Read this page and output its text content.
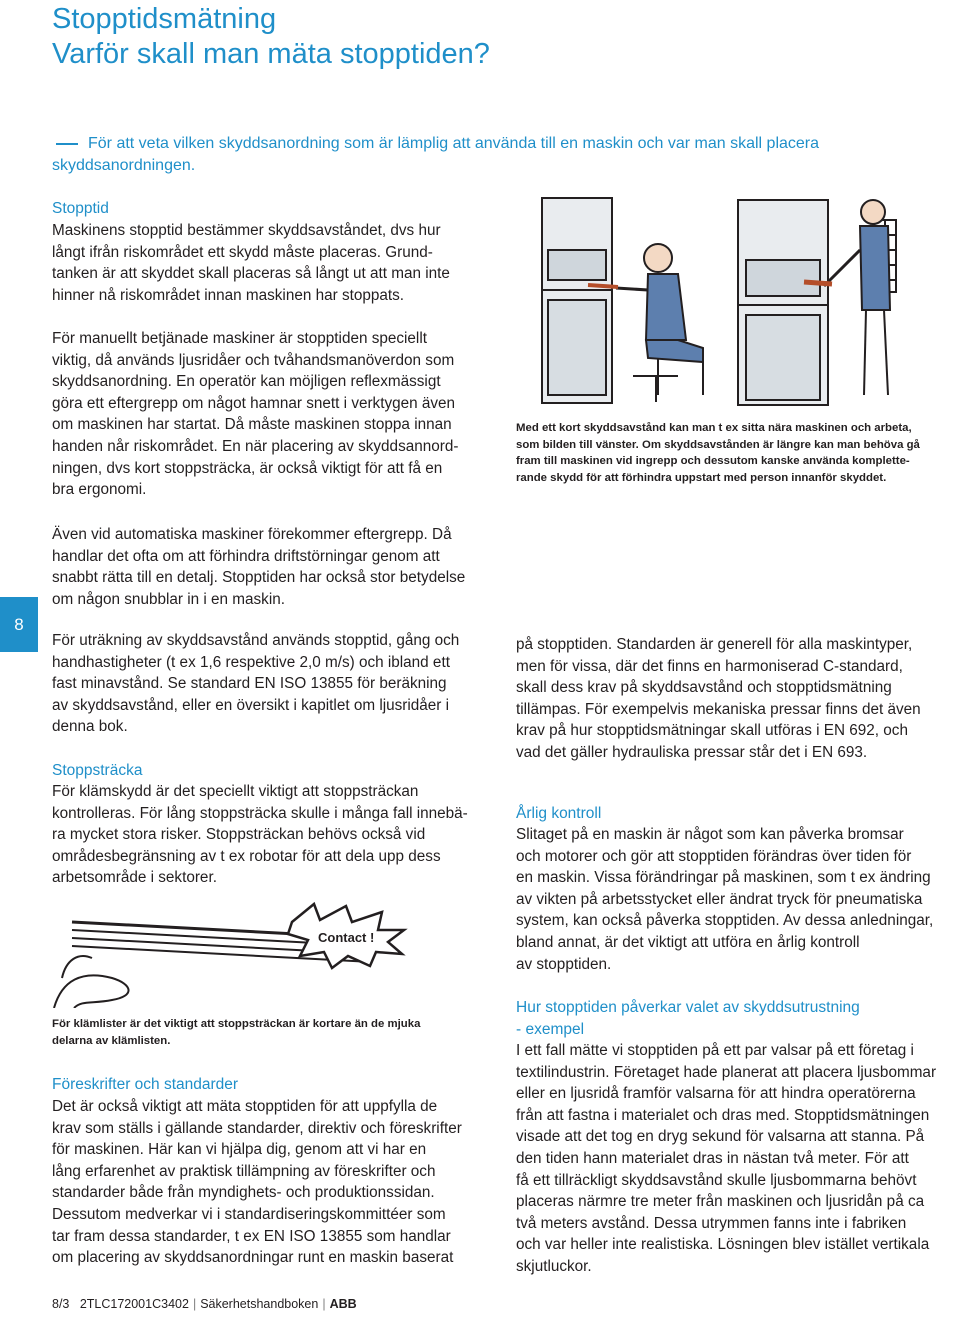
Stopptidsmätning
Varför skall man mäta stopptiden?
För att veta vilken skyddsanordning som är lämplig att använda till en maskin och var man skall placera skyddsanordningen.
Stopptid
Maskinens stopptid bestämmer skyddsavståndet, dvs hur
långt ifrån riskområdet ett skydd måste placeras. Grund-
tanken är att skyddet skall placeras så långt ut att man inte
hinner nå riskområdet innan maskinen har stoppats.
För manuellt betjänade maskiner är stopptiden speciellt
viktig, då används ljusridåer och tvåhandsmanöverdon som
skyddsanordning. En operatör kan möjligen reflexmässigt
göra ett eftergrepp om något hamnar snett i verktygen även
om maskinen har startat. Då måste maskinen stoppa innan
handen når riskområdet. En när placering av skyddsannord-
ningen, dvs kort stoppsträcka, är också viktigt för att få en
bra ergonomi.
Med ett kort skyddsavstånd kan man t ex sitta nära maskinen och arbeta,
som bilden till vänster. Om skyddsavstånden är längre kan man behöva gå
fram till maskinen vid ingrepp och dessutom kanske använda komplette-
rande skydd för att förhindra uppstart med person innanför skyddet.
Även vid automatiska maskiner förekommer eftergrepp. Då
handlar det ofta om att förhindra driftstörningar genom att
snabbt rätta till en detalj. Stopptiden har också stor betydelse
om någon snubblar in i en maskin.
8
För uträkning av skyddsavstånd används stopptid, gång och
handhastigheter (t ex 1,6 respektive 2,0 m/s) och ibland ett
fast minavstånd. Se standard EN ISO 13855 för beräkning
av skyddsavstånd, eller en översikt i kapitlet om ljusridåer i
denna bok.
Stoppsträcka
För klämskydd är det speciellt viktigt att stoppsträckan
kontrolleras. För lång stoppsträcka skulle i många fall innebä-
ra mycket stora risker. Stoppsträckan behövs också vid
områdesbegränsning av t ex robotar för att dela upp dess
arbetsområde i sektorer.
Contact !
För klämlister är det viktigt att stoppsträckan är kortare än de mjuka
delarna av klämlisten.
Föreskrifter och standarder
Det är också viktigt att mäta stopptiden för att uppfylla de
krav som ställs i gällande standarder, direktiv och föreskrifter
för maskinen. Här kan vi hjälpa dig, genom att vi har en
lång erfarenhet av praktisk tillämpning av föreskrifter och
standarder både från myndighets- och produktionssidan.
Dessutom medverkar vi i standardiseringskommittéer som
tar fram dessa standarder, t ex EN ISO 13855 som handlar
om placering av skyddsanordningar runt en maskin baserat
på stopptiden. Standarden är generell för alla maskintyper,
men för vissa, där det finns en harmoniserad C-standard,
skall dess krav på skyddsavstånd och stopptidsmätning
tillämpas. För exempelvis mekaniska pressar finns det även
krav på hur stopptidsmätningar skall utföras i EN 692, och
vad det gäller hydrauliska pressar står det i EN 693.
Årlig kontroll
Slitaget på en maskin är något som kan påverka bromsar
och motorer och gör att stopptiden förändras över tiden för
en maskin. Vissa förändringar på maskinen, som t ex ändring
av vikten på arbetsstycket eller ändrat tryck för pneumatiska
system, kan också påverka stopptiden. Av dessa anledningar,
bland annat, är det viktigt att utföra en årlig kontroll
av stopptiden.
Hur stopptiden påverkar valet av skyddsutrustning
- exempel
I ett fall mätte vi stopptiden på ett par valsar på ett företag i
textilindustrin. Företaget hade planerat att placera ljusbommar
eller en ljusridå framför valsarna för att hindra operatörerna
från att fastna i materialet och dras med. Stopptidsmätningen
visade att det tog en dryg sekund för valsarna att stanna. På
den tiden hann materialet dras in nästan två meter. För att
få ett tillräckligt skyddsavstånd skulle ljusbommarna behövt
placeras närmre tre meter från maskinen och ljusridån på ca
två meters avstånd. Dessa utrymmen fanns inte i fabriken
och var heller inte realistiska. Lösningen blev istället vertikala
skjutluckor.
8/3 2TLC172001C3402 | Säkerhetshandboken | ABB
